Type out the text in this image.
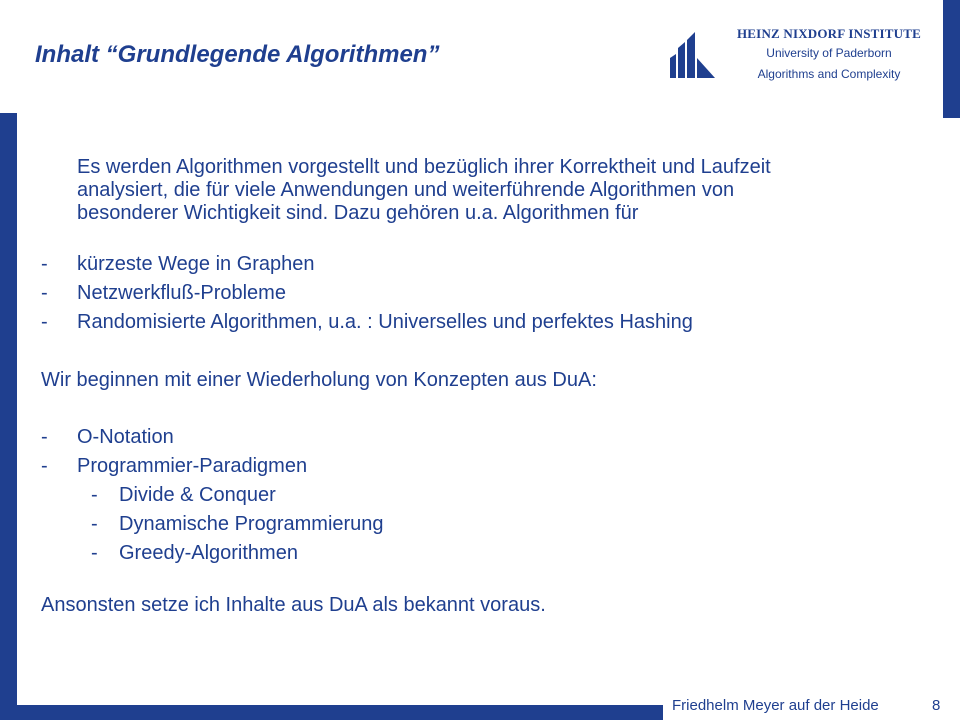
HEINZ NIXDORF INSTITUTE
University of Paderborn
Algorithms and Complexity
Inhalt “Grundlegende Algorithmen”
Es werden Algorithmen vorgestellt und bezüglich ihrer Korrektheit und Laufzeit
analysiert, die für viele Anwendungen und weiterführende Algorithmen von
besonderer Wichtigkeit sind. Dazu gehören u.a. Algorithmen für
- kürzeste Wege in Graphen
- Netzwerkfluß-Probleme
- Randomisierte Algorithmen, u.a. : Universelles und perfektes Hashing
Wir beginnen mit einer Wiederholung von Konzepten aus DuA:
- O-Notation
- Programmier-Paradigmen
- Divide & Conquer
- Dynamische Programmierung
- Greedy-Algorithmen
Ansonsten setze ich Inhalte aus DuA als bekannt voraus.
Friedhelm Meyer auf der Heide	8
